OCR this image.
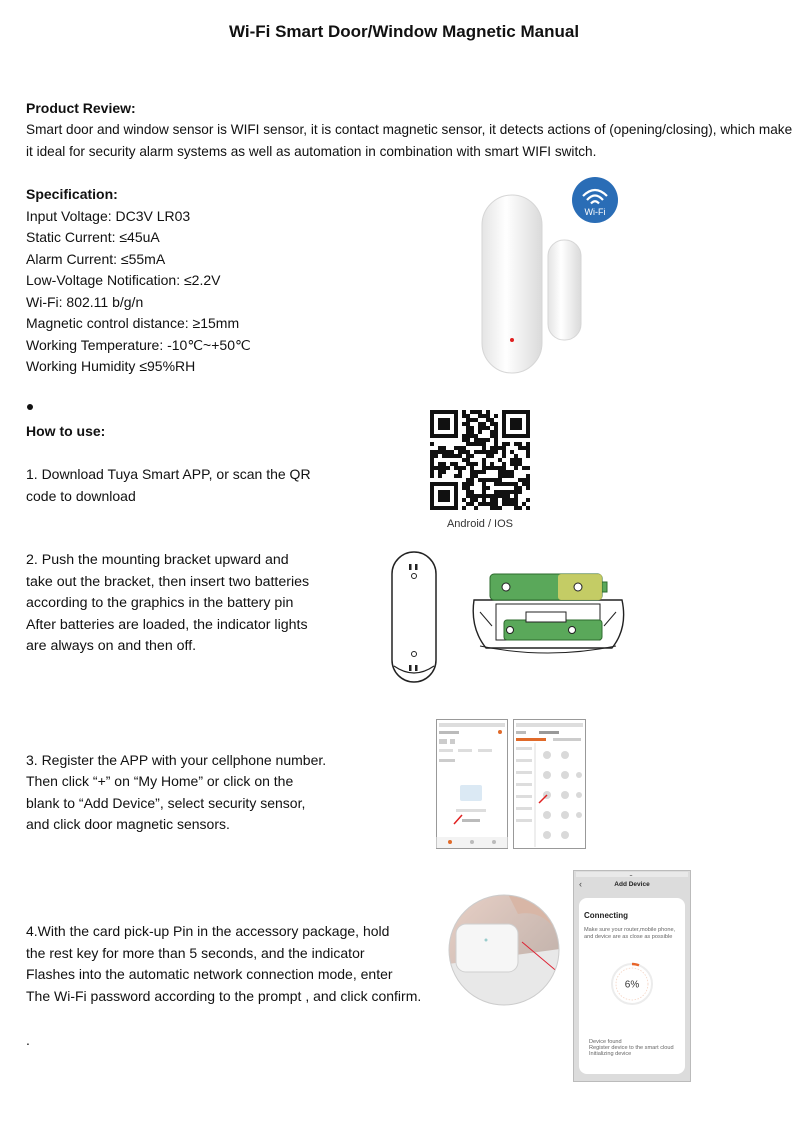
Wi-Fi Smart Door/Window Magnetic Manual
Product Review:
Smart door and window sensor is WIFI sensor, it is contact magnetic sensor, it detects actions of (opening/closing), which make
it ideal for security alarm systems as well as automation in combination with smart WIFI switch.
Specification:
Input Voltage: DC3V LR03
Static Current: ≤45uA
Alarm Current: ≤55mA
Low-Voltage Notification: ≤2.2V
Wi-Fi: 802.11 b/g/n
Magnetic control distance: ≥15mm
Working Temperature: -10℃~+50℃
Working Humidity ≤95%RH
Wi-Fi
How to use:
1. Download Tuya Smart APP, or scan the QR
code to download
Android / IOS
2. Push the mounting bracket upward and
take out the bracket, then insert two batteries
according to the graphics in the battery pin
After batteries are loaded, the indicator lights
are always on and then off.
3. Register the APP with your cellphone number.
Then click “+” on “My Home” or click on the
blank to “Add Device”, select security sensor,
and click door magnetic sensors.
4.With the card pick-up Pin in the accessory package, hold
the rest key for more than 5 seconds, and the indicator
Flashes into the automatic network connection mode, enter
The Wi-Fi password according to the prompt , and click confirm.
.
••
‹	Add Device
Connecting
Make sure your router,mobile phone,
and device are as close as possible
6%
Device found
Register device to the smart cloud
Initializing device
